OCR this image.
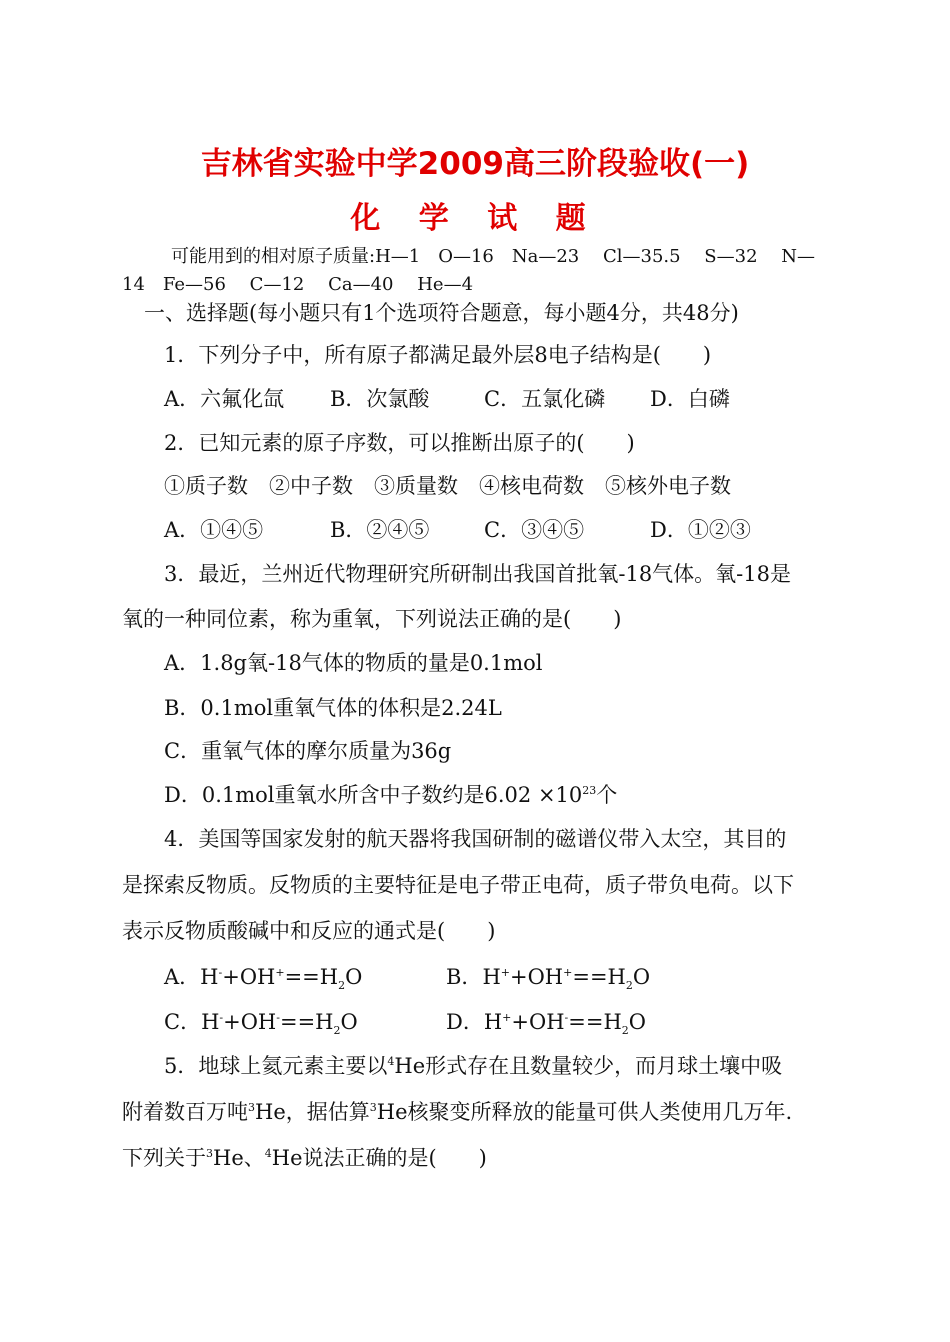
吉林省实验中学2009高三阶段验收(一)
化 学 试 题
可能用到的相对原子质量:H—1　O—16　Na—23　 Cl—35.5　 S—32　 N—
14　Fe—56　 C—12　 Ca—40　 He—4
一、选择题(每小题只有1个选项符合题意，每小题4分，共48分)
1．下列分子中，所有原子都满足最外层8电子结构是(　　)
A．六氟化氙 B．次氯酸	C．五氯化磷 D．白磷
2．已知元素的原子序数，可以推断出原子的(　　)
①质子数　②中子数　③质量数　④核电荷数　⑤核外电子数
A．①④⑤	B．②④⑤	C．③④⑤	D．①②③
3．最近，兰州近代物理研究所研制出我国首批氧-18气体。氧-18是
氧的一种同位素，称为重氧，下列说法正确的是(　　)
A．1.8g氧-18气体的物质的量是0.1mol
B．0.1mol重氧气体的体积是2.24L
C．重氧气体的摩尔质量为36g
D．0.1mol重氧水所含中子数约是$6.02 \times 10^{23}$个
4．美国等国家发射的航天器将我国研制的磁谱仪带入太空，其目的
是探索反物质。反物质的主要特征是电子带正电荷，质子带负电荷。以下
表示反物质酸碱中和反应的通式是(　　)
A．$H^-+OH^+==H_2O$	B．$H^++OH^+==H_2O$
C．$H^-+OH^-==H_2O$	D．$H^++OH^-==H_2O$
5．地球上氦元素主要以$^4$He形式存在且数量较少，而月球土壤中吸
附着数百万吨$^3$He，据估算$^3$He核聚变所释放的能量可供人类使用几万年.
下列关于$^3$He、$^4$He说法正确的是(　　)
